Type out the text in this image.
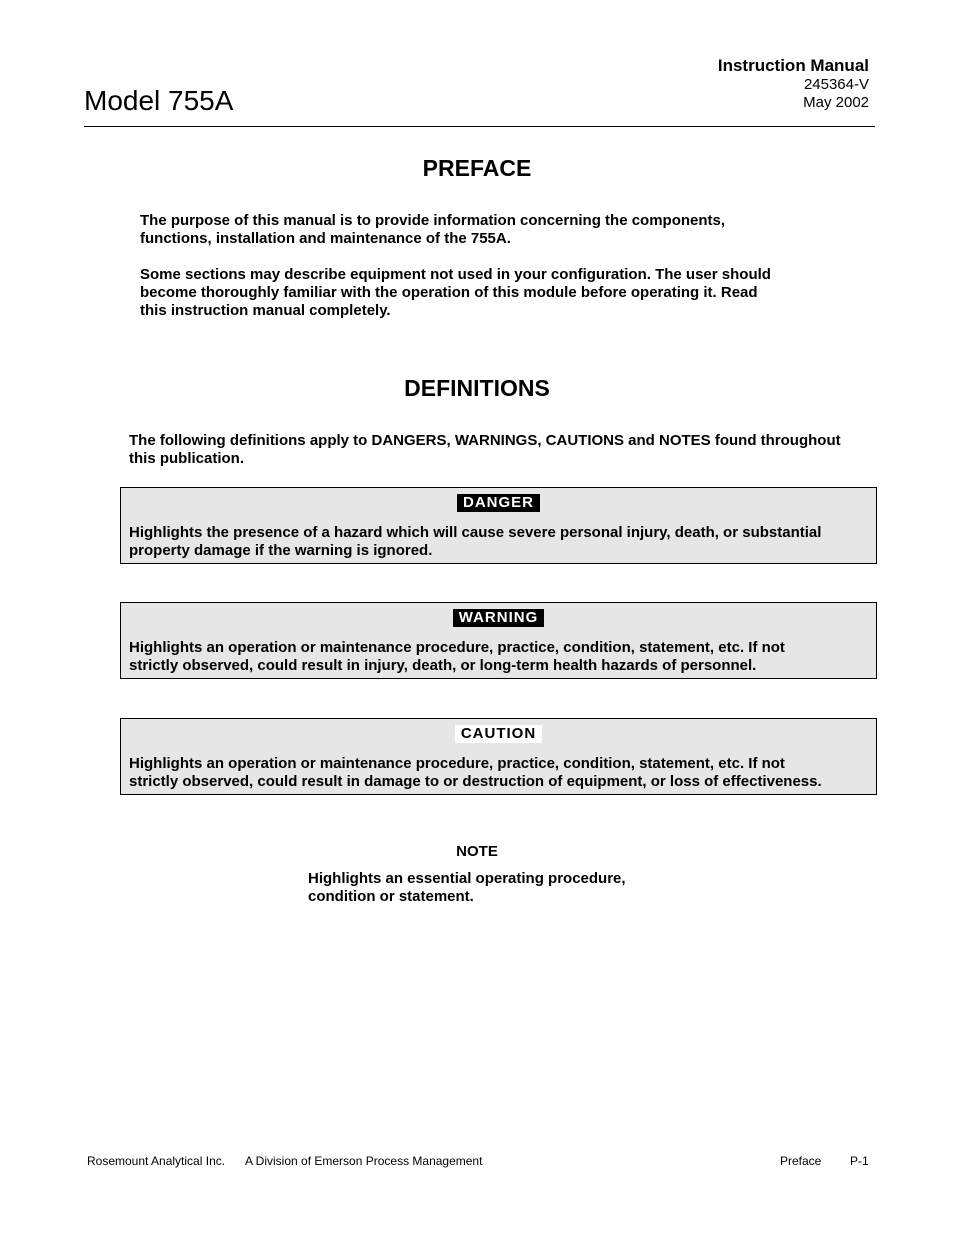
Model 755A
Instruction Manual
245364-V
May 2002
PREFACE
The purpose of this manual is to provide information concerning the components,
functions, installation and maintenance of the 755A.
Some sections may describe equipment not used in your configuration. The user should
become thoroughly familiar with the operation of this module before operating it. Read
this instruction manual completely.
DEFINITIONS
The following definitions apply to DANGERS, WARNINGS, CAUTIONS and NOTES found throughout
this publication.
DANGER
Highlights the presence of a hazard which will cause severe personal injury, death, or substantial
property damage if the warning is ignored.
WARNING
Highlights an operation or maintenance procedure, practice, condition, statement, etc. If not
strictly observed, could result in injury, death, or long-term health hazards of personnel.
CAUTION
Highlights an operation or maintenance procedure, practice, condition, statement, etc. If not
strictly observed, could result in damage to or destruction of equipment, or loss of effectiveness.
NOTE
Highlights an essential operating procedure,
condition or statement.
Rosemount Analytical Inc. A Division of Emerson Process Management	Preface P-1
